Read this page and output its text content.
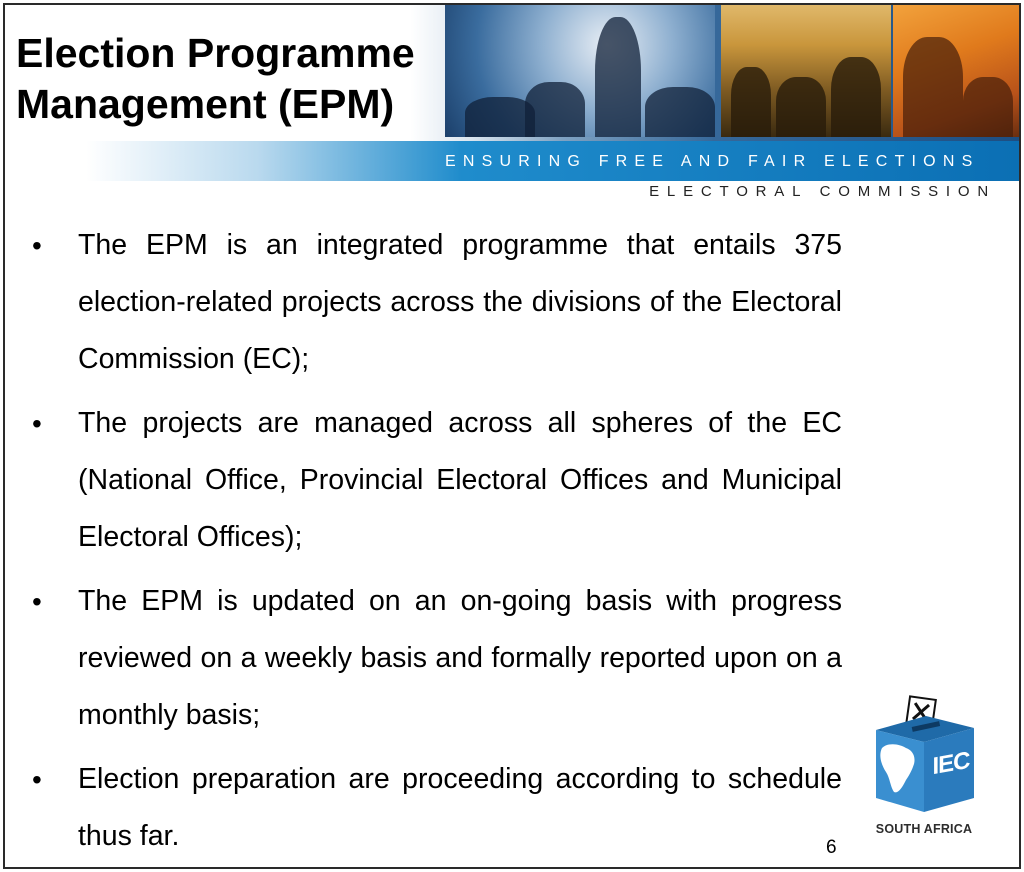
ENSURING FREE AND FAIR ELECTIONS
ELECTORAL COMMISSION
Election Programme
Management (EPM)
•	The EPM is an integrated programme that entails 375 election-related projects across the divisions of the Electoral Commission (EC);
•	The projects are managed across all spheres of the EC (National Office, Provincial Electoral Offices and Municipal Electoral Offices);
•	The EPM is updated on an on-going basis with progress reviewed on a weekly basis and formally reported upon on a monthly basis;
•	Election preparation are proceeding according to schedule thus far.	6
IEC
SOUTH AFRICA
